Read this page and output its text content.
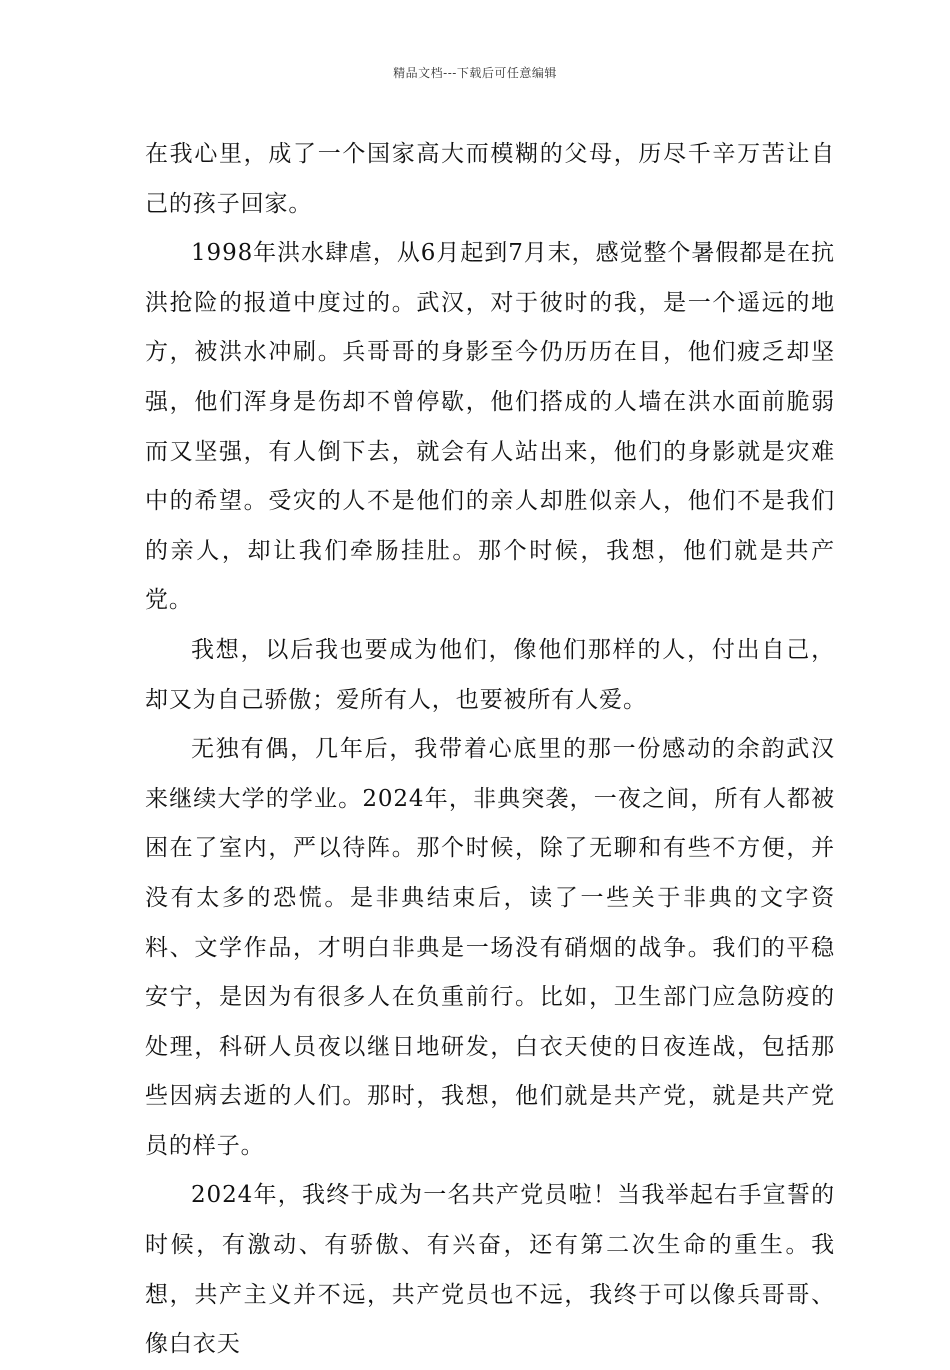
精品文档---下载后可任意编辑

在我心里，成了一个国家高大而模糊的父母，历尽千辛万苦让自己的孩子回家。

1998年洪水肆虐，从6月起到7月末，感觉整个暑假都是在抗洪抢险的报道中度过的。武汉，对于彼时的我，是一个遥远的地方，被洪水冲刷。兵哥哥的身影至今仍历历在目，他们疲乏却坚强，他们浑身是伤却不曾停歇，他们搭成的人墙在洪水面前脆弱而又坚强，有人倒下去，就会有人站出来，他们的身影就是灾难中的希望。受灾的人不是他们的亲人却胜似亲人，他们不是我们的亲人，却让我们牵肠挂肚。那个时候，我想，他们就是共产党。

我想，以后我也要成为他们，像他们那样的人，付出自己，却又为自己骄傲；爱所有人，也要被所有人爱。

无独有偶，几年后，我带着心底里的那一份感动的余韵武汉来继续大学的学业。2024年，非典突袭，一夜之间，所有人都被困在了室内，严以待阵。那个时候，除了无聊和有些不方便，并没有太多的恐慌。是非典结束后，读了一些关于非典的文字资料、文学作品，才明白非典是一场没有硝烟的战争。我们的平稳安宁，是因为有很多人在负重前行。比如，卫生部门应急防疫的处理，科研人员夜以继日地研发，白衣天使的日夜连战，包括那些因病去逝的人们。那时，我想，他们就是共产党，就是共产党员的样子。

2024年，我终于成为一名共产党员啦！当我举起右手宣誓的时候，有激动、有骄傲、有兴奋，还有第二次生命的重生。我想，共产主义并不远，共产党员也不远，我终于可以像兵哥哥、像白衣天
